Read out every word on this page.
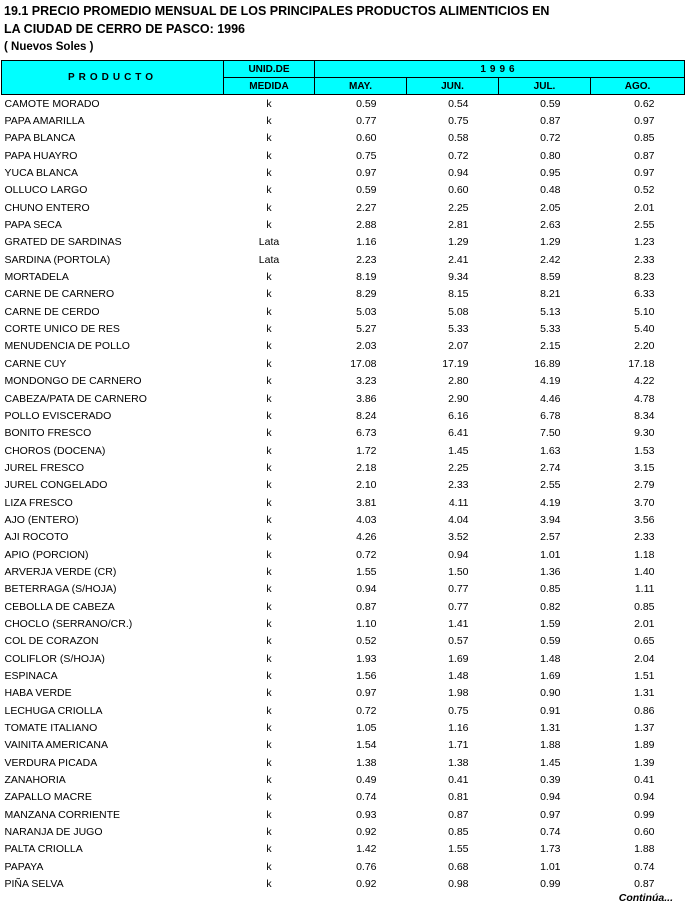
19.1 PRECIO PROMEDIO MENSUAL DE LOS PRINCIPALES PRODUCTOS ALIMENTICIOS EN
LA CIUDAD DE CERRO DE PASCO: 1996
( Nuevos Soles )
PRODUCTO	UNID.DE	1996			
	MEDIDA	MAY.	JUN.	JUL.	AGO.
CAMOTE MORADO	k	0.59	0.54	0.59	0.62
PAPA AMARILLA	k	0.77	0.75	0.87	0.97
PAPA BLANCA	k	0.60	0.58	0.72	0.85
PAPA HUAYRO	k	0.75	0.72	0.80	0.87
YUCA BLANCA	k	0.97	0.94	0.95	0.97
OLLUCO LARGO	k	0.59	0.60	0.48	0.52
CHUNO ENTERO	k	2.27	2.25	2.05	2.01
PAPA SECA	k	2.88	2.81	2.63	2.55
GRATED DE SARDINAS	Lata	1.16	1.29	1.29	1.23
SARDINA (PORTOLA)	Lata	2.23	2.41	2.42	2.33
MORTADELA	k	8.19	9.34	8.59	8.23
CARNE DE CARNERO	k	8.29	8.15	8.21	6.33
CARNE DE CERDO	k	5.03	5.08	5.13	5.10
CORTE UNICO DE RES	k	5.27	5.33	5.33	5.40
MENUDENCIA DE POLLO	k	2.03	2.07	2.15	2.20
CARNE CUY	k	17.08	17.19	16.89	17.18
MONDONGO DE CARNERO	k	3.23	2.80	4.19	4.22
CABEZA/PATA DE CARNERO	k	3.86	2.90	4.46	4.78
POLLO EVISCERADO	k	8.24	6.16	6.78	8.34
BONITO FRESCO	k	6.73	6.41	7.50	9.30
CHOROS (DOCENA)	k	1.72	1.45	1.63	1.53
JUREL FRESCO	k	2.18	2.25	2.74	3.15
JUREL CONGELADO	k	2.10	2.33	2.55	2.79
LIZA FRESCO	k	3.81	4.11	4.19	3.70
AJO (ENTERO)	k	4.03	4.04	3.94	3.56
AJI ROCOTO	k	4.26	3.52	2.57	2.33
APIO (PORCION)	k	0.72	0.94	1.01	1.18
ARVERJA VERDE (CR)	k	1.55	1.50	1.36	1.40
BETERRAGA (S/HOJA)	k	0.94	0.77	0.85	1.11
CEBOLLA DE CABEZA	k	0.87	0.77	0.82	0.85
CHOCLO (SERRANO/CR.)	k	1.10	1.41	1.59	2.01
COL DE CORAZON	k	0.52	0.57	0.59	0.65
COLIFLOR (S/HOJA)	k	1.93	1.69	1.48	2.04
ESPINACA	k	1.56	1.48	1.69	1.51
HABA VERDE	k	0.97	1.98	0.90	1.31
LECHUGA CRIOLLA	k	0.72	0.75	0.91	0.86
TOMATE ITALIANO	k	1.05	1.16	1.31	1.37
VAINITA AMERICANA	k	1.54	1.71	1.88	1.89
VERDURA PICADA	k	1.38	1.38	1.45	1.39
ZANAHORIA	k	0.49	0.41	0.39	0.41
ZAPALLO MACRE	k	0.74	0.81	0.94	0.94
MANZANA CORRIENTE	k	0.93	0.87	0.97	0.99
NARANJA DE JUGO	k	0.92	0.85	0.74	0.60
PALTA CRIOLLA	k	1.42	1.55	1.73	1.88
PAPAYA	k	0.76	0.68	1.01	0.74
PIÑA SELVA	k	0.92	0.98	0.99	0.87
Continúa...
